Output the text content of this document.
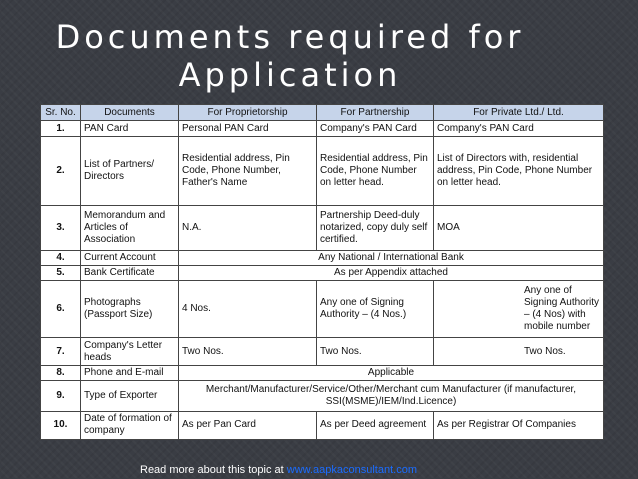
Documents required for
Application
Sr. No.	Documents	For Proprietorship	For Partnership	For Private Ltd./ Ltd.
1.	PAN Card	Personal PAN Card	Company's PAN Card	Company's PAN Card
2.	List of Partners/ Directors	Residential address, Pin Code, Phone Number, Father's Name	Residential address, Pin Code, Phone Number on letter head.	List of Directors with, residential address, Pin Code, Phone Number on letter head.
3.	Memorandum and Articles of Association	N.A.	Partnership Deed-duly notarized, copy duly self certified.	MOA
4.	Current Account	Any National / International Bank		
5.	Bank Certificate	As per Appendix attached		
6.	Photographs (Passport Size)	4 Nos.	Any one of Signing Authority – (4 Nos.)	Any one of Signing Authority – (4 Nos) with mobile number
7.	Company's Letter heads	Two Nos.	Two Nos.	Two Nos.
8.	Phone and E-mail	Applicable		
9.	Type of Exporter	Merchant/Manufacturer/Service/Other/Merchant cum Manufacturer (if manufacturer, SSI(MSME)/IEM/Ind.Licence)		
10.	Date of formation of company	As per Pan Card	As per Deed agreement	As per Registrar Of Companies
Read more about this topic at www.aapkaconsultant.com
